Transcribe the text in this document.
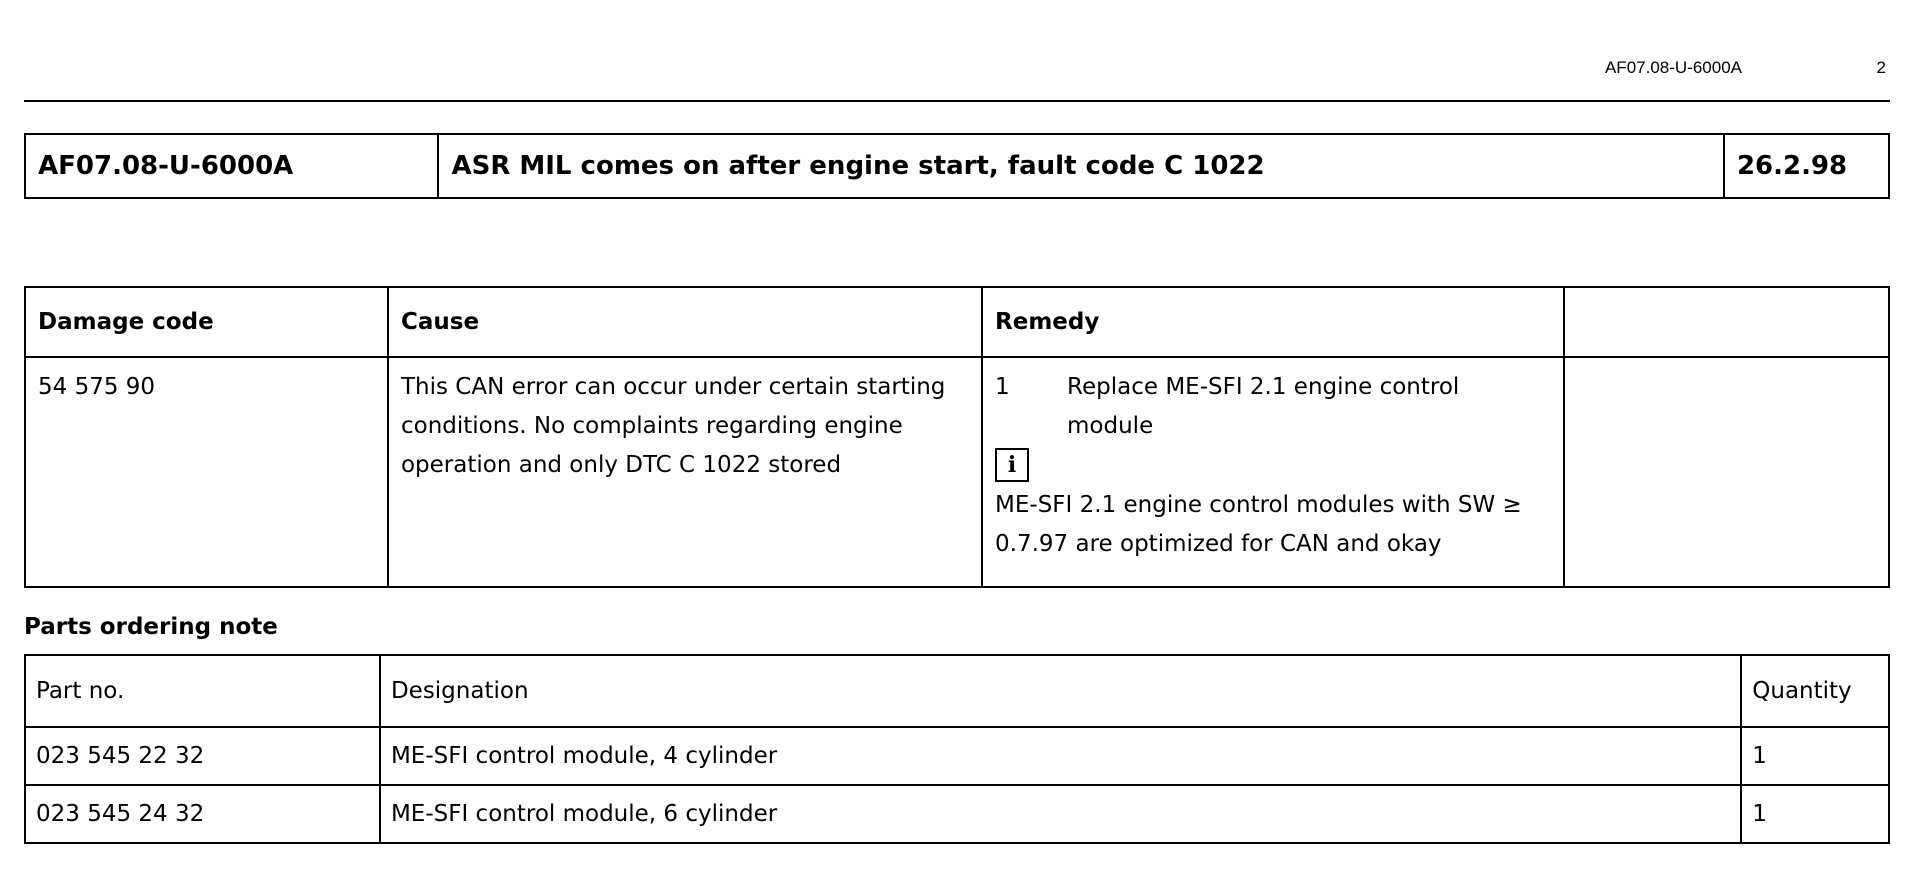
AF07.08-U-6000A	2
AF07.08-U-6000A	ASR MIL comes on after engine start, fault code C 1022	26.2.98
Damage code	Cause	Remedy	
54 575 90	This CAN error can occur under certain starting conditions. No complaints regarding engine operation and only DTC C 1022 stored	1 Replace ME-SFI 2.1 engine control module
i
ME-SFI 2.1 engine control modules with SW ≥ 0.7.97 are optimized for CAN and okay	

Parts ordering note
Part no.	Designation	Quantity
023 545 22 32	ME-SFI control module, 4 cylinder	1
023 545 24 32	ME-SFI control module, 6 cylinder	1
